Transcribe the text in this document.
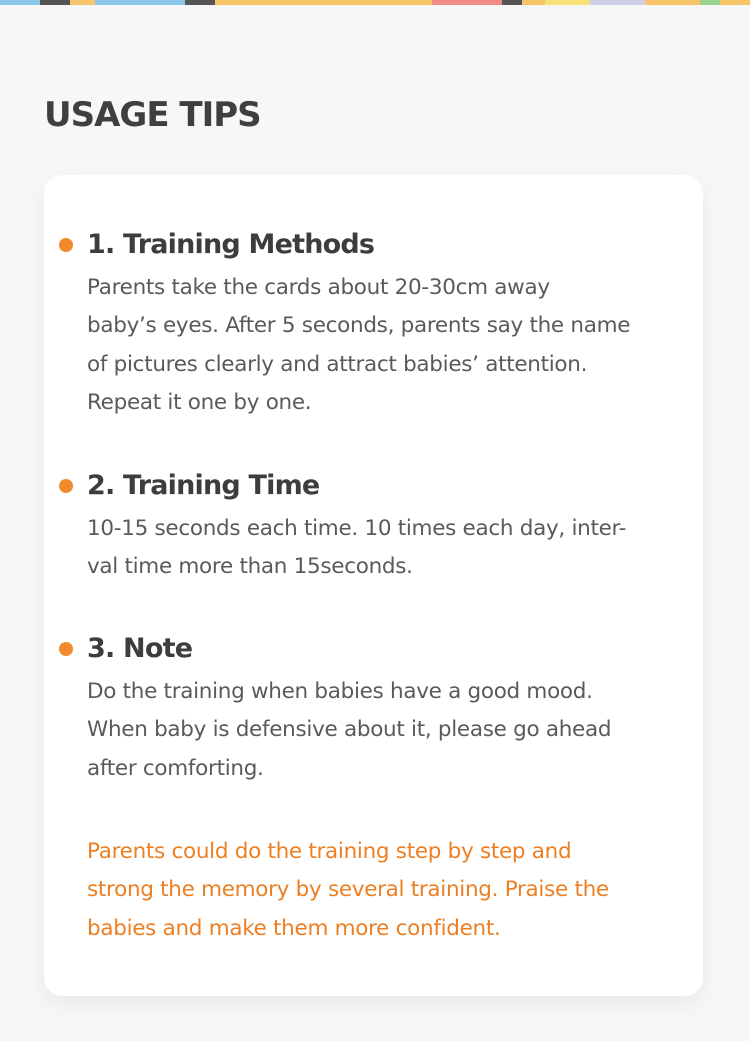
USAGE TIPS
1. Training Methods

Parents take the cards about 20-30cm away
baby’s eyes. After 5 seconds, parents say the name
of pictures clearly and attract babies’ attention.
Repeat it one by one.

2. Training Time

10-15 seconds each time. 10 times each day, inter-
val time more than 15seconds.

3. Note

Do the training when babies have a good mood.
When baby is defensive about it, please go ahead
after comforting.

Parents could do the training step by step and
strong the memory by several training. Praise the
babies and make them more confident.
